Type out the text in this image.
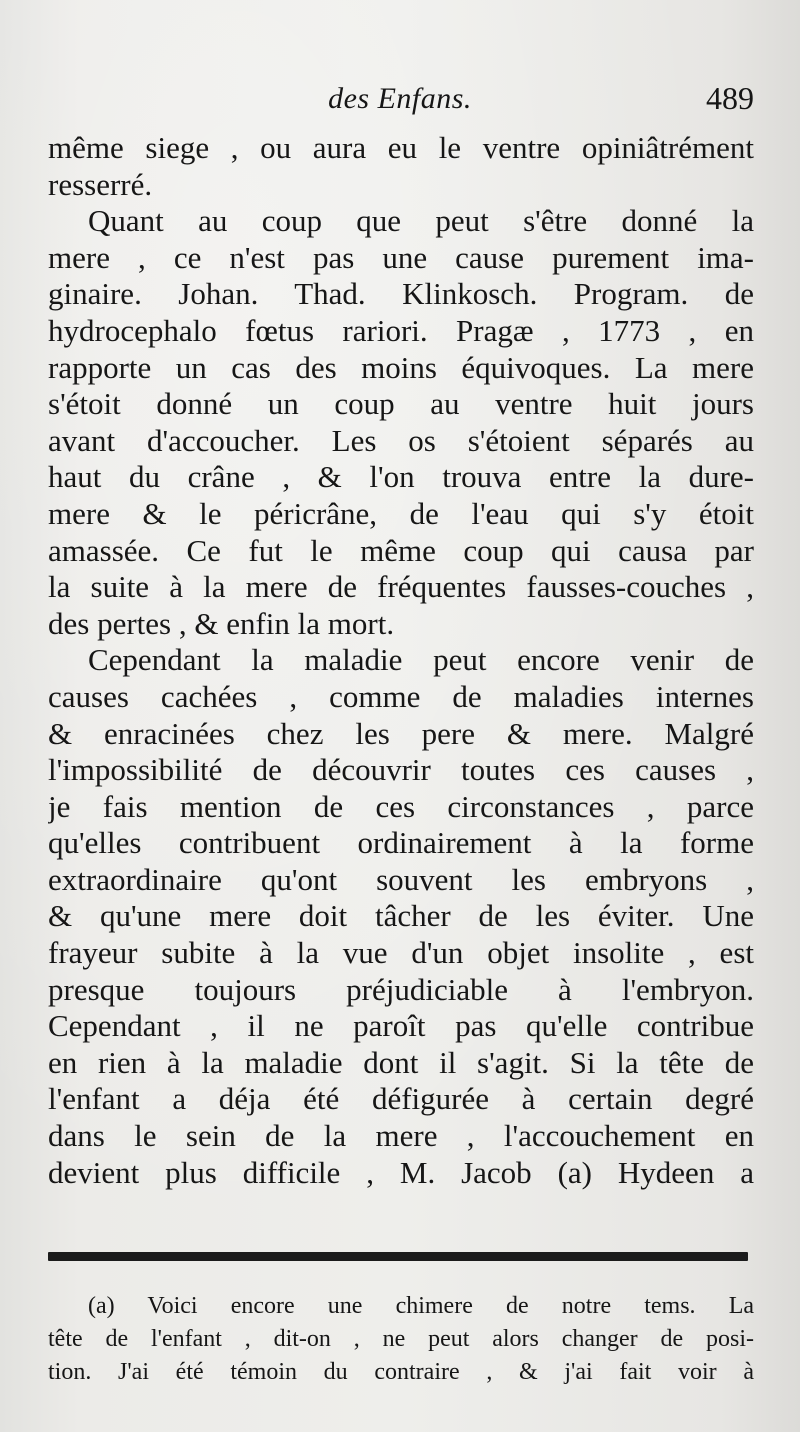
des Enfans.	489
même siege , ou aura eu le ventre opiniâtrément
resserré.
Quant au coup que peut s'être donné la
mere , ce n'est pas une cause purement ima-
ginaire. Johan. Thad. Klinkosch. Program. de
hydrocephalo fœtus rariori. Pragæ , 1773 , en
rapporte un cas des moins équivoques. La mere
s'étoit donné un coup au ventre huit jours
avant d'accoucher. Les os s'étoient séparés au
haut du crâne , & l'on trouva entre la dure-
mere & le péricrâne, de l'eau qui s'y étoit
amassée. Ce fut le même coup qui causa par
la suite à la mere de fréquentes fausses-couches ,
des pertes , & enfin la mort.
Cependant la maladie peut encore venir de
causes cachées , comme de maladies internes
& enracinées chez les pere & mere. Malgré
l'impossibilité de découvrir toutes ces causes ,
je fais mention de ces circonstances , parce
qu'elles contribuent ordinairement à la forme
extraordinaire qu'ont souvent les embryons ,
& qu'une mere doit tâcher de les éviter. Une
frayeur subite à la vue d'un objet insolite , est
presque toujours préjudiciable à l'embryon.
Cependant , il ne paroît pas qu'elle contribue
en rien à la maladie dont il s'agit. Si la tête de
l'enfant a déja été défigurée à certain degré
dans le sein de la mere , l'accouchement en
devient plus difficile , M. Jacob (a) Hydeen a
(a) Voici encore une chimere de notre tems. La
tête de l'enfant , dit-on , ne peut alors changer de posi-
tion. J'ai été témoin du contraire , & j'ai fait voir à
